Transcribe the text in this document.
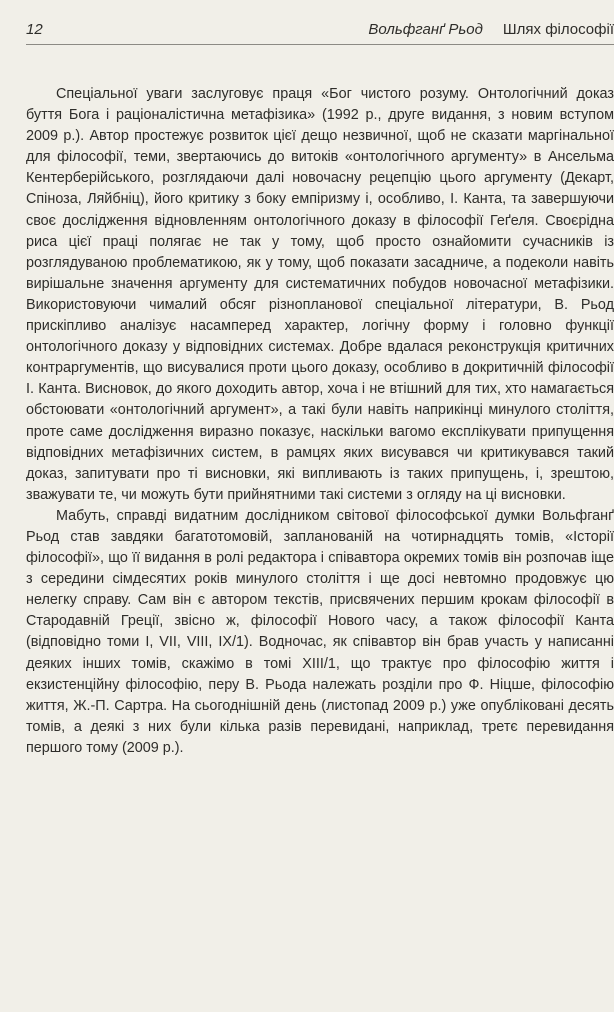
12	Вольфганґ Рьод Шлях філософії

Спеціальної уваги заслуговує праця «Бог чистого розуму. Онтологічний доказ буття Бога і раціоналістична метафізика» (1992 р., друге видання, з новим вступом 2009 р.). Автор простежує розвиток цієї дещо незвичної, щоб не сказати маргінальної для філософії, теми, звертаючись до витоків «онтологічного аргументу» в Ансельма Кентерберійського, розглядаючи далі новочасну рецепцію цього аргументу (Декарт, Спіноза, Ляйбніц), його критику з боку емпіризму і, особливо, І. Канта, та завершуючи своє дослідження відновленням онтологічного доказу в філософії Геґеля. Своєрідна риса цієї праці полягає не так у тому, щоб просто ознайомити сучасників із розглядуваною проблематикою, як у тому, щоб показати засадниче, а подеколи навіть вирішальне значення аргументу для систематичних побудов новочасної метафізики. Використовуючи чималий обсяг різнопланової спеціальної літератури, В. Рьод прискіпливо аналізує насамперед характер, логічну форму і головно функції онтологічного доказу у відповідних системах. Добре вдалася реконструкція критичних контраргументів, що висувалися проти цього доказу, особливо в докритичній філософії І. Канта. Висновок, до якого доходить автор, хоча і не втішний для тих, хто намагається обстоювати «онтологічний аргумент», а такі були навіть наприкінці минулого століття, проте саме дослідження виразно показує, наскільки вагомо експлікувати припущення відповідних метафізичних систем, в рамцях яких висувався чи критикувався такий доказ, запитувати про ті висновки, які випливають із таких припущень, і, зрештою, зважувати те, чи можуть бути прийнятними такі системи з огляду на ці висновки.

Мабуть, справді видатним дослідником світової філософської думки Вольфганґ Рьод став завдяки багатотомовій, запланованій на чотирнадцять томів, «Історії філософії», що її видання в ролі редактора і співавтора окремих томів він розпочав іще з середини сімдесятих років минулого століття і ще досі невтомно продовжує цю нелегку справу. Сам він є автором текстів, присвячених першим крокам філософії в Стародавній Греції, звісно ж, філософії Нового часу, а також філософії Канта (відповідно томи І, VII, VIII, IX/1). Водночас, як співавтор він брав участь у написанні деяких інших томів, скажімо в томі XIII/1, що трактує про філософію життя і екзистенційну філософію, перу В. Рьода належать розділи про Ф. Ніцше, філософію життя, Ж.-П. Сартра. На сьогоднішній день (листопад 2009 р.) уже опубліковані десять томів, а деякі з них були кілька разів перевидані, наприклад, третє перевидання першого тому (2009 р.).
